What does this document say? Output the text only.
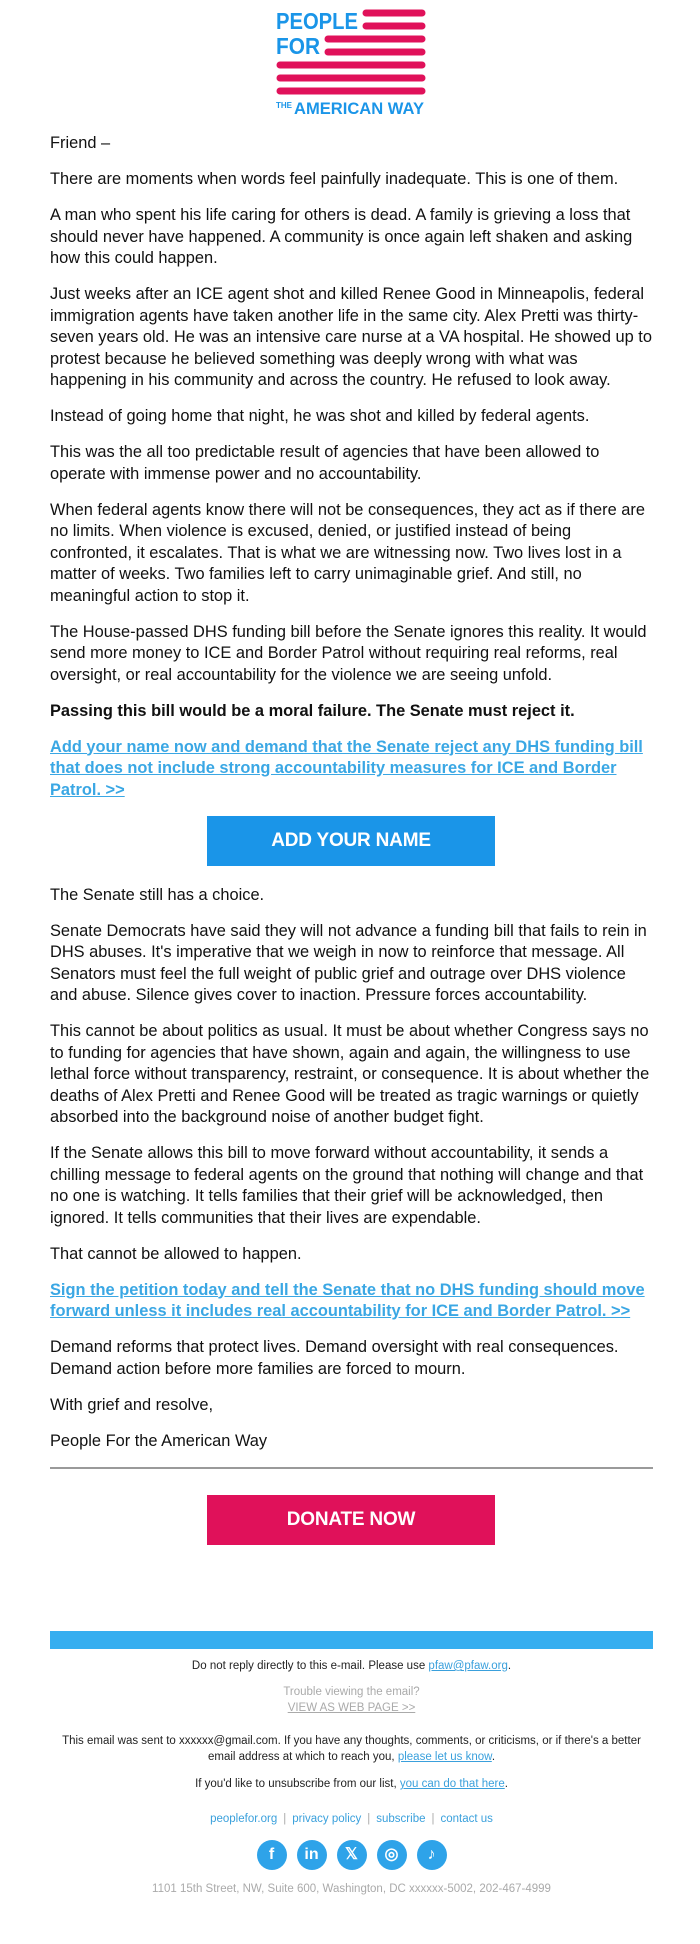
PEOPLE
FOR
THE AMERICAN WAY

Friend –

There are moments when words feel painfully inadequate. This is one of them.

A man who spent his life caring for others is dead. A family is grieving a loss that should never have happened. A community is once again left shaken and asking how this could happen.

Just weeks after an ICE agent shot and killed Renee Good in Minneapolis, federal immigration agents have taken another life in the same city. Alex Pretti was thirty-seven years old. He was an intensive care nurse at a VA hospital. He showed up to protest because he believed something was deeply wrong with what was happening in his community and across the country. He refused to look away.

Instead of going home that night, he was shot and killed by federal agents.

This was the all too predictable result of agencies that have been allowed to operate with immense power and no accountability.

When federal agents know there will not be consequences, they act as if there are no limits. When violence is excused, denied, or justified instead of being confronted, it escalates. That is what we are witnessing now. Two lives lost in a matter of weeks. Two families left to carry unimaginable grief. And still, no meaningful action to stop it.

The House-passed DHS funding bill before the Senate ignores this reality. It would send more money to ICE and Border Patrol without requiring real reforms, real oversight, or real accountability for the violence we are seeing unfold.

Passing this bill would be a moral failure. The Senate must reject it.

Add your name now and demand that the Senate reject any DHS funding bill that does not include strong accountability measures for ICE and Border Patrol. >>

ADD YOUR NAME

The Senate still has a choice.

Senate Democrats have said they will not advance a funding bill that fails to rein in DHS abuses. It's imperative that we weigh in now to reinforce that message. All Senators must feel the full weight of public grief and outrage over DHS violence and abuse. Silence gives cover to inaction. Pressure forces accountability.

This cannot be about politics as usual. It must be about whether Congress says no to funding for agencies that have shown, again and again, the willingness to use lethal force without transparency, restraint, or consequence. It is about whether the deaths of Alex Pretti and Renee Good will be treated as tragic warnings or quietly absorbed into the background noise of another budget fight.

If the Senate allows this bill to move forward without accountability, it sends a chilling message to federal agents on the ground that nothing will change and that no one is watching. It tells families that their grief will be acknowledged, then ignored. It tells communities that their lives are expendable.

That cannot be allowed to happen.

Sign the petition today and tell the Senate that no DHS funding should move forward unless it includes real accountability for ICE and Border Patrol. >>

Demand reforms that protect lives. Demand oversight with real consequences. Demand action before more families are forced to mourn.

With grief and resolve,

People For the American Way

DONATE NOW

Do not reply directly to this e-mail. Please use pfaw@pfaw.org.

Trouble viewing the email?
VIEW AS WEB PAGE >>

This email was sent to xxxxxx@gmail.com. If you have any thoughts, comments, or criticisms, or if there's a better email address at which to reach you, please let us know.

If you'd like to unsubscribe from our list, you can do that here.

peoplefor.org | privacy policy | subscribe | contact us

f	in	𝕏	◎	♪

1101 15th Street, NW, Suite 600, Washington, DC xxxxxx-5002, 202-467-4999
